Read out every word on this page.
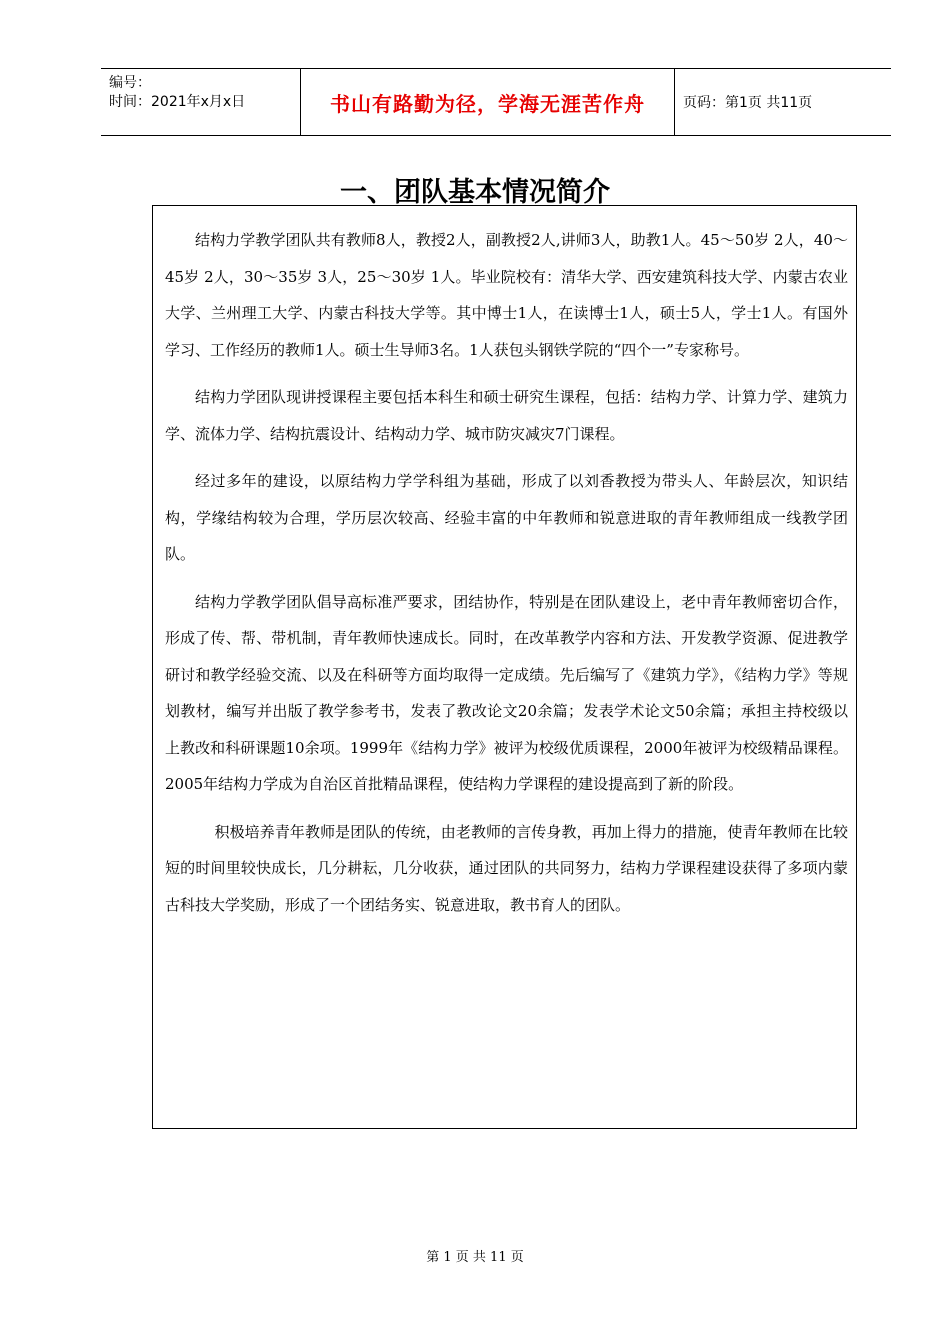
编号：
时间：2021年x月x日	书山有路勤为径，学海无涯苦作舟	页码：第1页 共11页
一、团队基本情况简介

结构力学教学团队共有教师8人，教授2人，副教授2人,讲师3人，助教1人。45～50岁 2人，40～45岁 2人，30～35岁 3人，25～30岁 1人。毕业院校有：清华大学、西安建筑科技大学、内蒙古农业大学、兰州理工大学、内蒙古科技大学等。其中博士1人，在读博士1人，硕士5人，学士1人。有国外学习、工作经历的教师1人。硕士生导师3名。1人获包头钢铁学院的“四个一”专家称号。

结构力学团队现讲授课程主要包括本科生和硕士研究生课程，包括：结构力学、计算力学、建筑力学、流体力学、结构抗震设计、结构动力学、城市防灾减灾7门课程。

经过多年的建设，以原结构力学学科组为基础，形成了以刘香教授为带头人、年龄层次，知识结构，学缘结构较为合理，学历层次较高、经验丰富的中年教师和锐意进取的青年教师组成一线教学团队。

结构力学教学团队倡导高标准严要求，团结协作，特别是在团队建设上，老中青年教师密切合作，形成了传、帮、带机制，青年教师快速成长。同时，在改革教学内容和方法、开发教学资源、促进教学研讨和教学经验交流、以及在科研等方面均取得一定成绩。先后编写了《建筑力学》，《结构力学》等规划教材，编写并出版了教学参考书，发表了教改论文20余篇；发表学术论文50余篇；承担主持校级以上教改和科研课题10余项。1999年《结构力学》被评为校级优质课程，2000年被评为校级精品课程。2005年结构力学成为自治区首批精品课程，使结构力学课程的建设提高到了新的阶段。

积极培养青年教师是团队的传统，由老教师的言传身教，再加上得力的措施，使青年教师在比较短的时间里较快成长，几分耕耘，几分收获，通过团队的共同努力，结构力学课程建设获得了多项内蒙古科技大学奖励，形成了一个团结务实、锐意进取，教书育人的团队。

第 1 页 共 11 页
